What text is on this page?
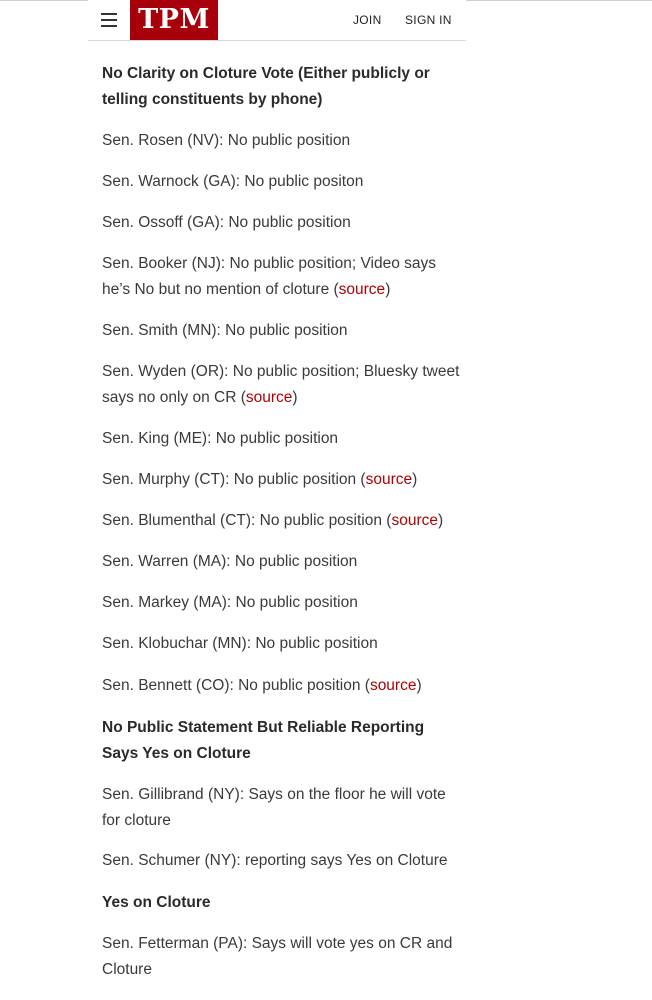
TPM	JOIN SIGN IN

No Clarity on Cloture Vote (Either publicly or telling constituents by phone)

Sen. Rosen (NV): No public position

Sen. Warnock (GA): No public positon

Sen. Ossoff (GA): No public position

Sen. Booker (NJ): No public position; Video says he’s No but no mention of cloture (source)

Sen. Smith (MN): No public position

Sen. Wyden (OR): No public position; Bluesky tweet says no only on CR (source)

Sen. King (ME): No public position

Sen. Murphy (CT): No public position (source)

Sen. Blumenthal (CT): No public position (source)

Sen. Warren (MA): No public position

Sen. Markey (MA): No public position

Sen. Klobuchar (MN): No public position

Sen. Bennett (CO): No public position (source)

No Public Statement But Reliable Reporting Says Yes on Cloture

Sen. Gillibrand (NY): Says on the floor he will vote for cloture

Sen. Schumer (NY): reporting says Yes on Cloture

Yes on Cloture

Sen. Fetterman (PA): Says will vote yes on CR and Cloture
